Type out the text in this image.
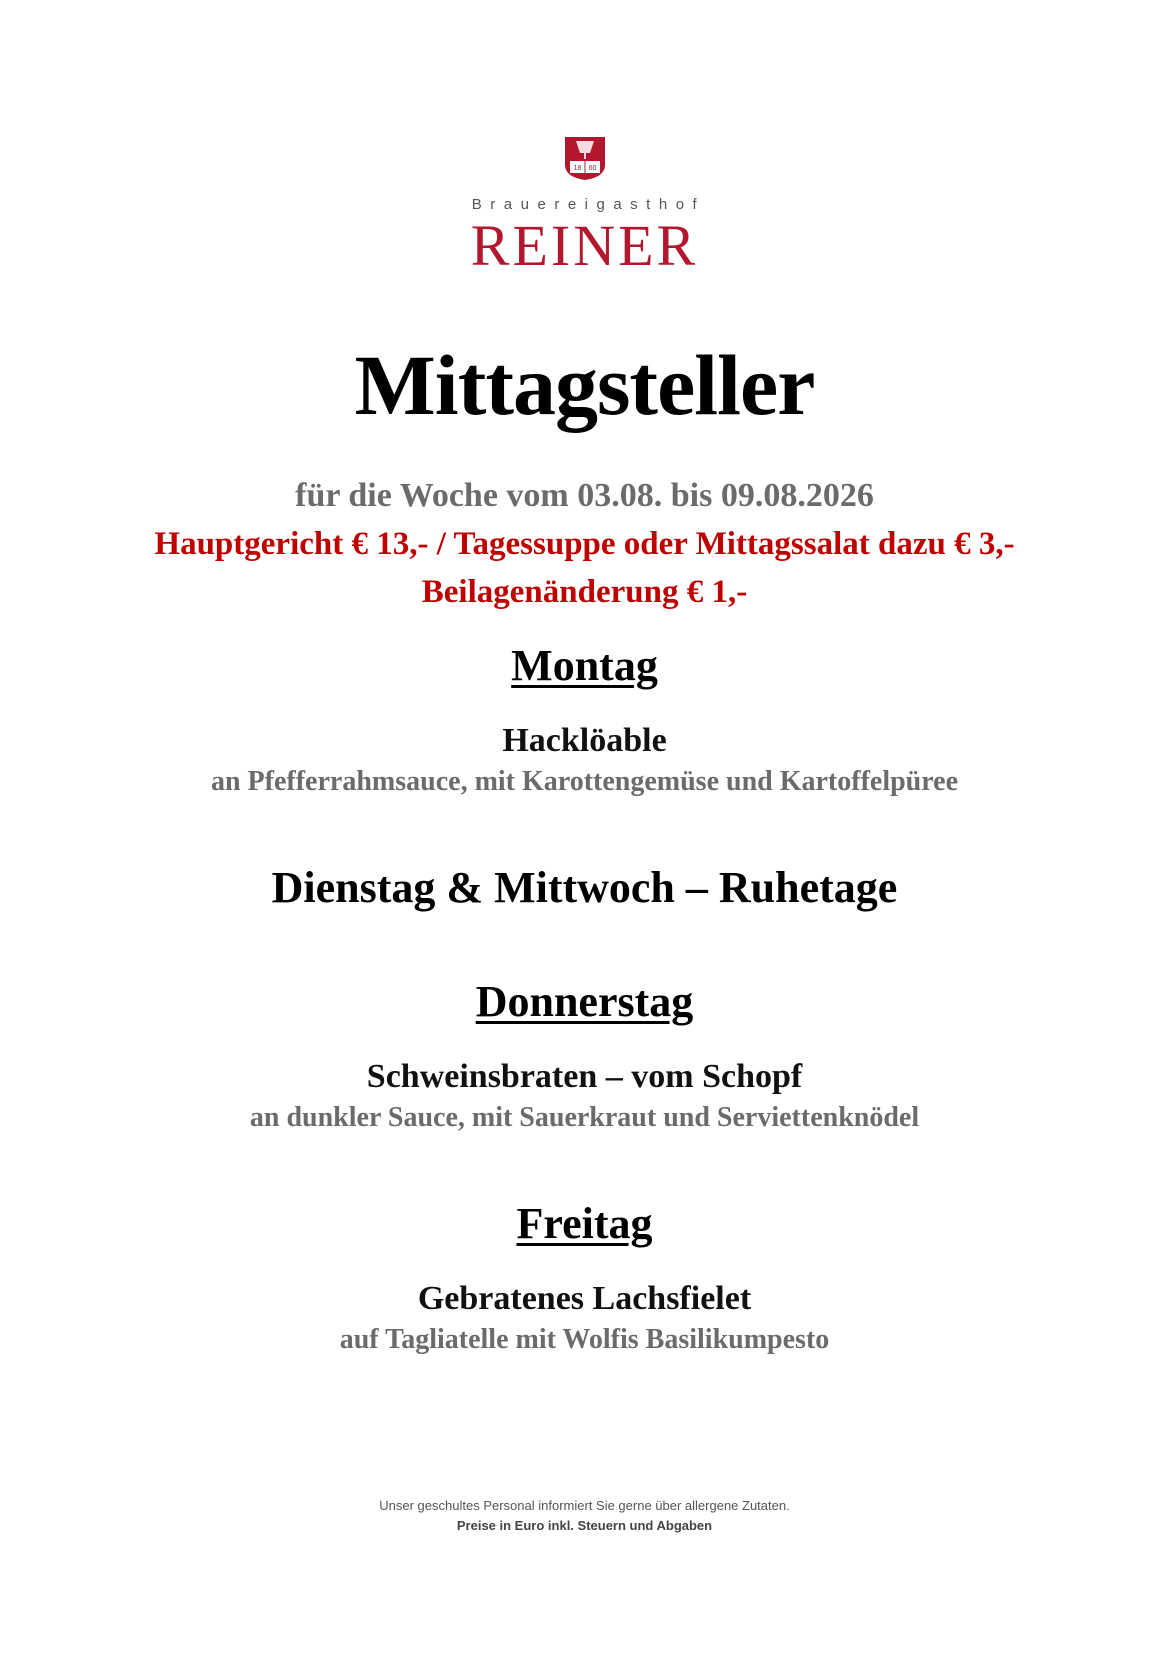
18 60
Brauereigasthof
REINER
Mittagsteller
für die Woche vom 03.08. bis 09.08.2026
Hauptgericht € 13,- / Tagessuppe oder Mittagssalat dazu € 3,-
Beilagenänderung € 1,-
Montag
Hacklöable
an Pfefferrahmsauce, mit Karottengemüse und Kartoffelpüree
Dienstag & Mittwoch – Ruhetage
Donnerstag
Schweinsbraten – vom Schopf
an dunkler Sauce, mit Sauerkraut und Serviettenknödel
Freitag
Gebratenes Lachsfielet
auf Tagliatelle mit Wolfis Basilikumpesto
Unser geschultes Personal informiert Sie gerne über allergene Zutaten.
Preise in Euro inkl. Steuern und Abgaben
